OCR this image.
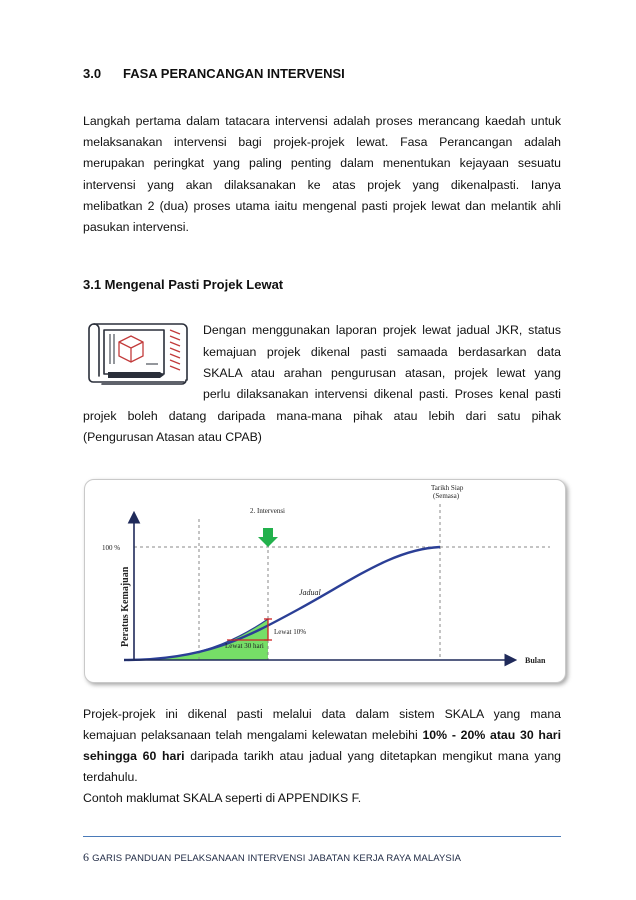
3.0 FASA PERANCANGAN INTERVENSI
Langkah pertama dalam tatacara intervensi adalah proses merancang kaedah untuk
melaksanakan intervensi bagi projek-projek lewat. Fasa Perancangan adalah
merupakan peringkat yang paling penting dalam menentukan kejayaan sesuatu
intervensi yang akan dilaksanakan ke atas projek yang dikenalpasti. Ianya
melibatkan 2 (dua) proses utama iaitu mengenal pasti projek lewat dan melantik ahli
pasukan intervensi.
3.1 Mengenal Pasti Projek Lewat
Dengan menggunakan laporan projek lewat jadual JKR, status
kemajuan projek dikenal pasti samaada berdasarkan data
SKALA atau arahan pengurusan atasan, projek lewat yang
perlu dilaksanakan intervensi dikenal pasti. Proses kenal pasti
projek boleh datang daripada mana-mana pihak atau lebih dari satu pihak
(Pengurusan Atasan atau CPAB)
Tarikh Siap
(Semasa)
2. Intervensi
100 %
Jadual
Lewat 10%
Lewat 30 hari
Bulan
Peratus Kemajuan
Projek-projek ini dikenal pasti melalui data dalam sistem SKALA yang mana
kemajuan pelaksanaan telah mengalami kelewatan melebihi 10% - 20% atau 30 hari
sehingga 60 hari daripada tarikh atau jadual yang ditetapkan mengikut mana yang
terdahulu.
Contoh maklumat SKALA seperti di APPENDIKS F.
6 GARIS PANDUAN PELAKSANAAN INTERVENSI JABATAN KERJA RAYA MALAYSIA
